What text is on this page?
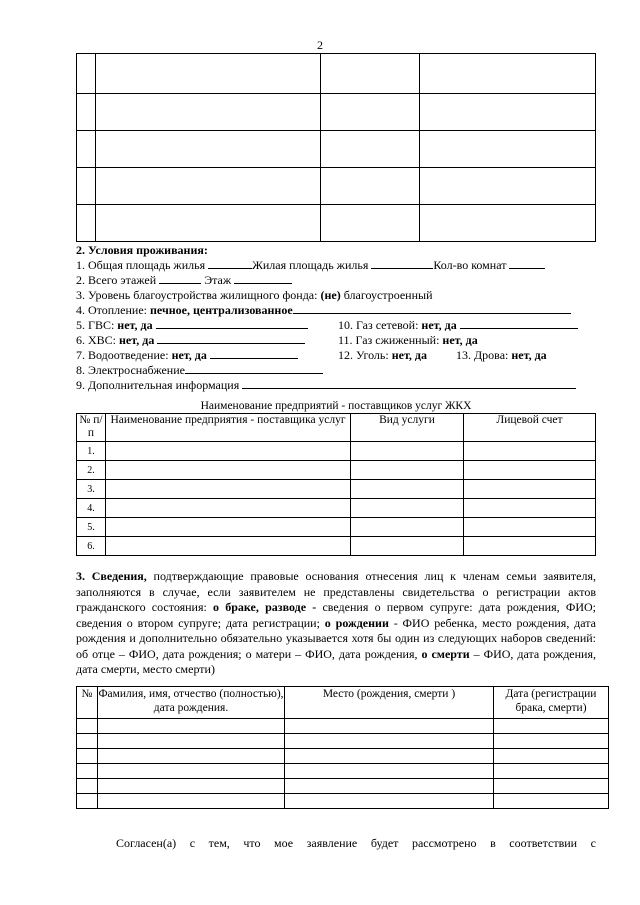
2

2. Условия проживания:
1. Общая площадь жилья	Жилая площадь жилья	Кол-во комнат
2. Всего этажей	Этаж
3. Уровень благоустройства жилищного фонда: (не) благоустроенный
4. Отопление: печное, централизованное
5. ГВС: нет, да	10. Газ сетевой: нет, да
6. ХВС: нет, да	11. Газ сжиженный: нет, да
7. Водоотведение: нет, да	12. Уголь: нет, да 13. Дрова: нет, да
8. Электроснабжение
9. Дополнительная информация
Наименование предприятий - поставщиков услуг ЖКХ
№ п/п	Наименование предприятия - поставщика услуг	Вид услуги	Лицевой счет
1.			
2.			
3.			
4.			
5.			
6.			
3. Сведения, подтверждающие правовые основания отнесения лиц к членам семьи заявителя, заполняются в случае, если заявителем не представлены свидетельства о регистрации актов гражданского состояния: о браке, разводе - сведения о первом супруге: дата рождения, ФИО; сведения о втором супруге; дата регистрации; о рождении - ФИО ребенка, место рождения, дата рождения и дополнительно обязательно указывается хотя бы один из следующих наборов сведений: об отце – ФИО, дата рождения; о матери – ФИО, дата рождения, о смерти – ФИО, дата рождения, дата смерти, место смерти)
№	Фамилия, имя, отчество (полностью), дата рождения.	Место (рождения, смерти )	Дата (регистрации брака, смерти)

Согласен(а) с тем, что мое заявление будет рассмотрено в соответствии с
